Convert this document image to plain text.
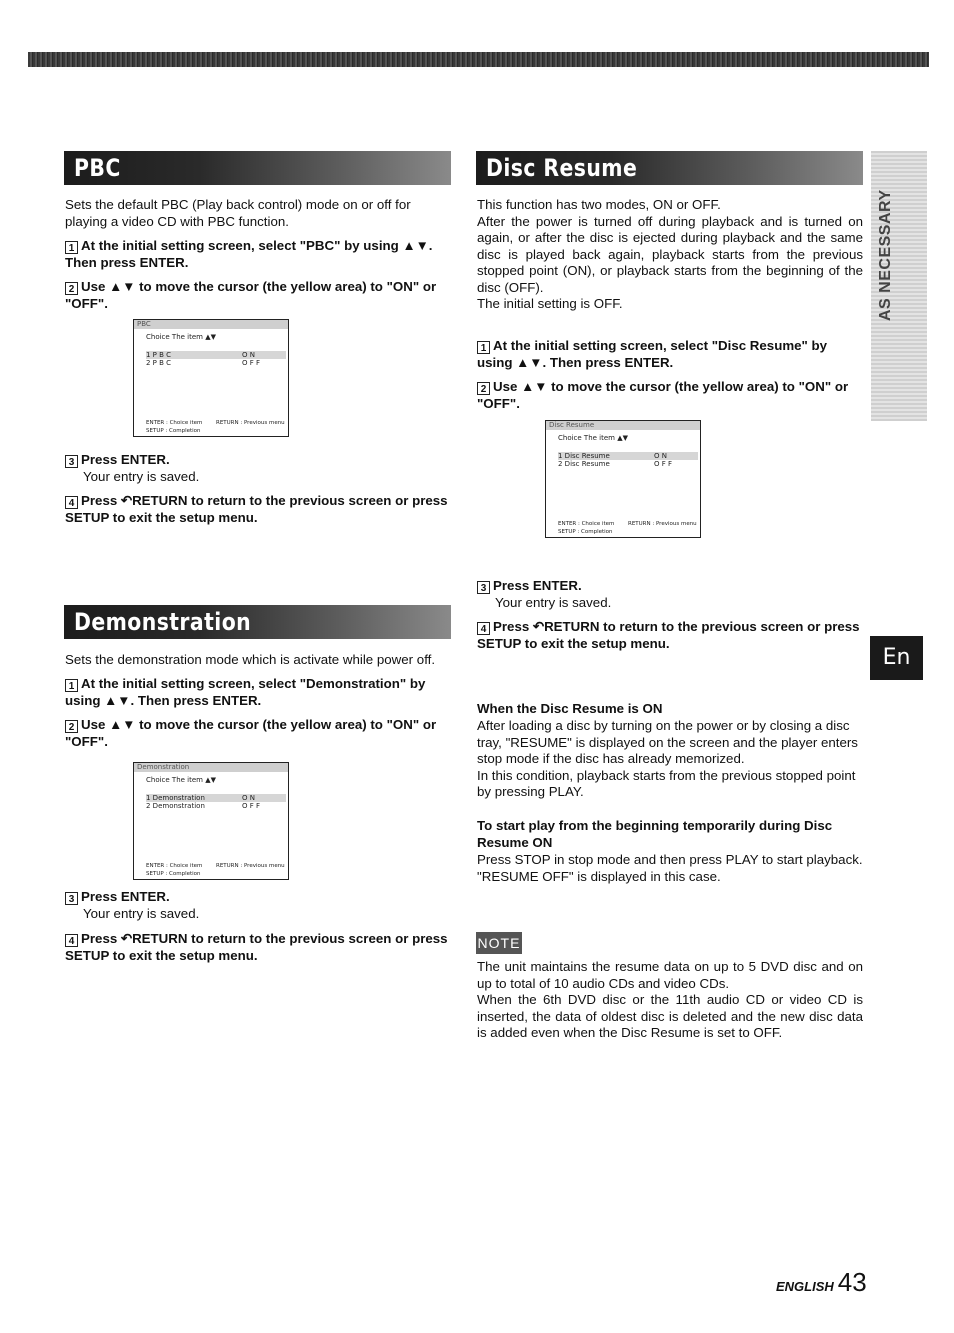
PBC
Sets the default PBC (Play back control) mode on or off for playing a video CD with PBC function.
1 At the initial setting screen, select "PBC" by using ▲▼. Then press ENTER.
2 Use ▲▼ to move the cursor (the yellow area) to "ON" or "OFF".
PBC
Choice The item ▲▼
1 P B C	O N
2 P B C	O F F
ENTER : Choice item RETURN : Previous menu
SETUP : Completion
3 Press ENTER.
Your entry is saved.
4 Press ↶RETURN to return to the previous screen or press SETUP to exit the setup menu.
Demonstration
Sets the demonstration mode which is activate while power off.
1 At the initial setting screen, select "Demonstration" by using ▲▼. Then press ENTER.
2 Use ▲▼ to move the cursor (the yellow area) to "ON" or "OFF".
Demonstration
Choice The item ▲▼
1 Demonstration	O N
2 Demonstration	O F F
ENTER : Choice item RETURN : Previous menu
SETUP : Completion
3 Press ENTER.
Your entry is saved.
4 Press ↶RETURN to return to the previous screen or press SETUP to exit the setup menu.
Disc Resume
This function has two modes, ON or OFF.
After the power is turned off during playback and is turned on again, or after the disc is ejected during playback and the same disc is played back again, playback starts from the previous stopped point (ON), or playback starts from the beginning of the disc (OFF).
The initial setting is OFF.
1 At the initial setting screen, select "Disc Resume" by using ▲▼. Then press ENTER.
2 Use ▲▼ to move the cursor (the yellow area) to "ON" or "OFF".
Disc Resume
Choice The item ▲▼
1 Disc Resume	O N
2 Disc Resume	O F F
ENTER : Choice item RETURN : Previous menu
SETUP : Completion
3 Press ENTER.
Your entry is saved.
4 Press ↶RETURN to return to the previous screen or press SETUP to exit the setup menu.
When the Disc Resume is ON
After loading a disc by turning on the power or by closing a disc tray, "RESUME" is displayed on the screen and the player enters stop mode if the disc has already memorized.
In this condition, playback starts from the previous stopped point by pressing PLAY.
To start play from the beginning temporarily during Disc Resume ON
Press STOP in stop mode and then press PLAY to start playback. "RESUME OFF" is displayed in this case.
NOTE
The unit maintains the resume data on up to 5 DVD disc and on up to total of 10 audio CDs and video CDs.
When the 6th DVD disc or the 11th audio CD or video CD is inserted, the data of oldest disc is deleted and the new disc data is added even when the Disc Resume is set to OFF.
AS NECESSARY
En
ENGLISH 43
